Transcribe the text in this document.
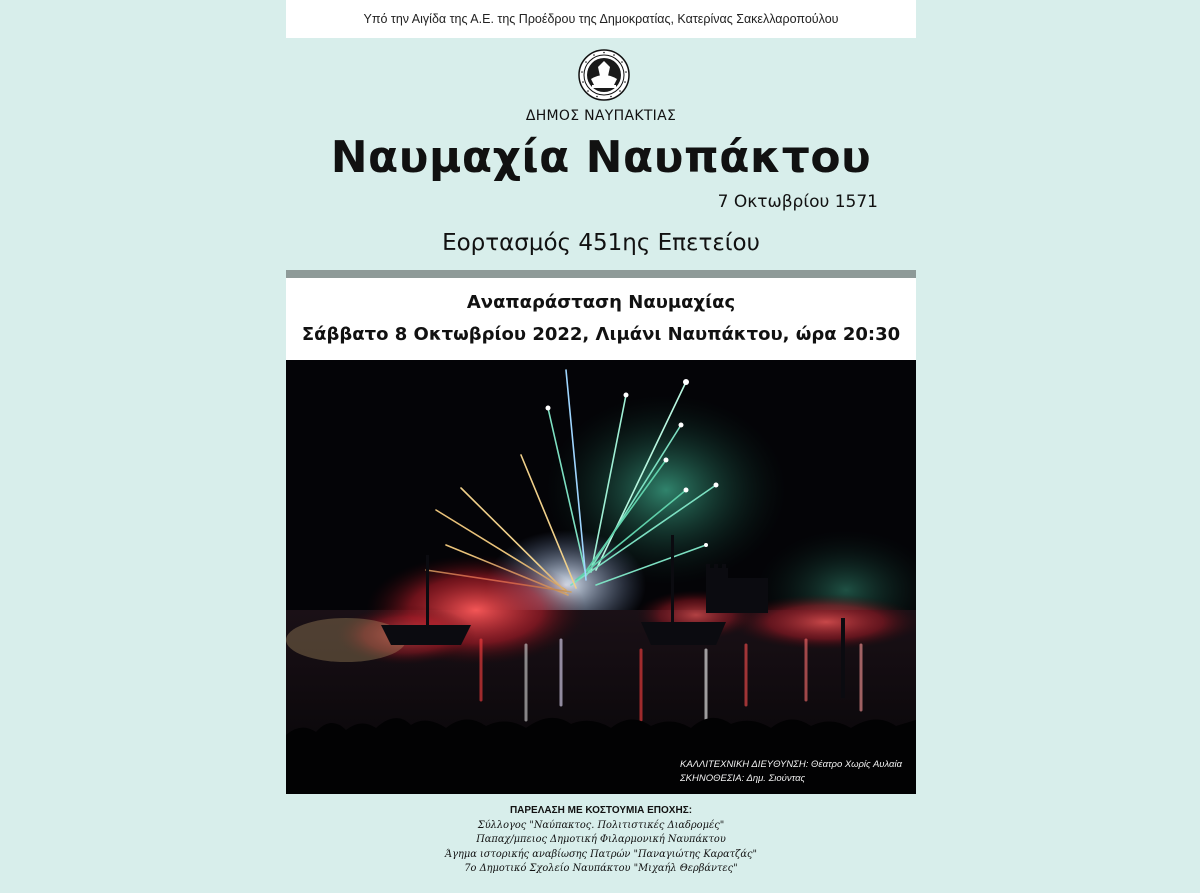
Υπό την Αιγίδα της Α.Ε. της Προέδρου της Δημοκρατίας, Κατερίνας Σακελλαροπούλου
ΔΗΜΟΣ ΝΑΥΠΑΚΤΙΑΣ
Ναυμαχία Ναυπάκτου
7 Οκτωβρίου 1571
Εορτασμός 451ης Επετείου
Αναπαράσταση Ναυμαχίας
Σάββατο 8 Οκτωβρίου 2022, Λιμάνι Ναυπάκτου, ώρα 20:30
ΚΑΛΛΙΤΕΧΝΙΚΗ ΔΙΕΥΘΥΝΣΗ: Θέατρο Χωρίς Αυλαία
ΣΚΗΝΟΘΕΣΙΑ: Δημ. Σιούντας
ΠΑΡΕΛΑΣΗ ΜΕ ΚΟΣΤΟΥΜΙΑ ΕΠΟΧΗΣ:
Σύλλογος "Ναύπακτος. Πολιτιστικές Διαδρομές"
Παπαχ/μπειος Δημοτική Φιλαρμονική Ναυπάκτου
Άγημα ιστορικής αναβίωσης Πατρών "Παναγιώτης Καρατζάς"
7ο Δημοτικό Σχολείο Ναυπάκτου "Μιχαήλ Θερβάντες"
